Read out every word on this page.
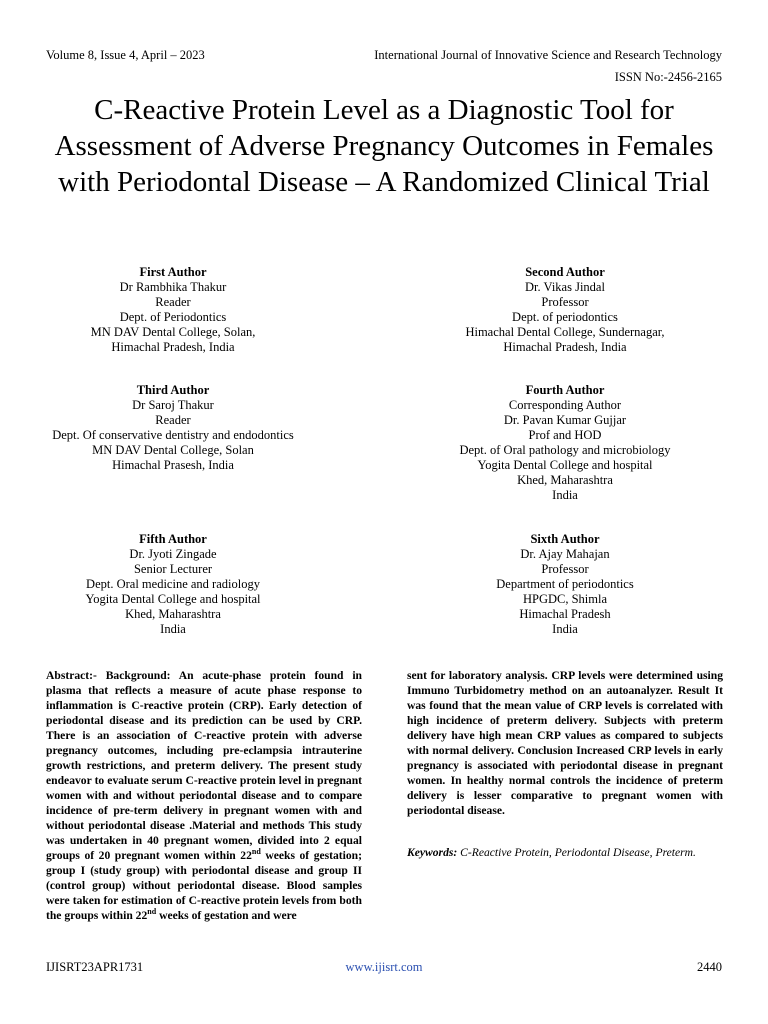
Volume 8, Issue 4, April – 2023	International Journal of Innovative Science and Research Technology
ISSN No:-2456-2165
C-Reactive Protein Level as a Diagnostic Tool for Assessment of Adverse Pregnancy Outcomes in Females with Periodontal Disease – A Randomized Clinical Trial
First Author
Dr Rambhika Thakur
Reader
Dept. of Periodontics
MN DAV Dental College, Solan,
Himachal Pradesh, India
Second Author
Dr. Vikas Jindal
Professor
Dept. of periodontics
Himachal Dental College, Sundernagar,
Himachal Pradesh, India
Third Author
Dr Saroj Thakur
Reader
Dept. Of conservative dentistry and endodontics
MN DAV Dental College, Solan
Himachal Prasesh, India
Fourth Author
Corresponding Author
Dr. Pavan Kumar Gujjar
Prof and HOD
Dept. of Oral pathology and microbiology
Yogita Dental College and hospital
Khed, Maharashtra
India
Fifth Author
Dr. Jyoti Zingade
Senior Lecturer
Dept. Oral medicine and radiology
Yogita Dental College and hospital
Khed, Maharashtra
India
Sixth Author
Dr. Ajay Mahajan
Professor
Department of periodontics
HPGDC, Shimla
Himachal Pradesh
India

Abstract:- Background: An acute-phase protein found in plasma that reflects a measure of acute phase response to inflammation is C-reactive protein (CRP). Early detection of periodontal disease and its prediction can be used by CRP. There is an association of C-reactive protein with adverse pregnancy outcomes, including pre-eclampsia intrauterine growth restrictions, and preterm delivery. The present study endeavor to evaluate serum C-reactive protein level in pregnant women with and without periodontal disease and to compare incidence of pre-term delivery in pregnant women with and without periodontal disease .Material and methods This study was undertaken in 40 pregnant women, divided into 2 equal groups of 20 pregnant women within 22nd weeks of gestation; group I (study group) with periodontal disease and group II (control group) without periodontal disease. Blood samples were taken for estimation of C-reactive protein levels from both the groups within 22nd weeks of gestation and were

sent for laboratory analysis. CRP levels were determined using Immuno Turbidometry method on an autoanalyzer. Result It was found that the mean value of CRP levels is correlated with high incidence of preterm delivery. Subjects with preterm delivery have high mean CRP values as compared to subjects with normal delivery. Conclusion Increased CRP levels in early pregnancy is associated with periodontal disease in pregnant women. In healthy normal controls the incidence of preterm delivery is lesser comparative to pregnant women with periodontal disease.

Keywords: C-Reactive Protein, Periodontal Disease, Preterm.
IJISRT23APR1731	www.ijisrt.com	2440
